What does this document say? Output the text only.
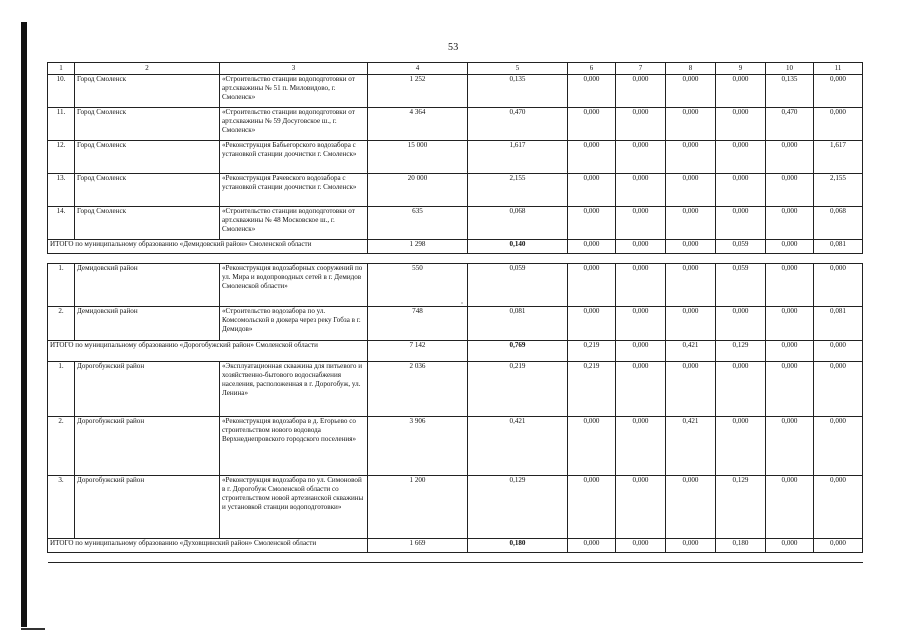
53
1	2	3	4	5	6	7	8	9	10	11
10.	Город Смоленск	«Строительство станции водоподготовки от арт.скважины № 51 п. Миловидово, г. Смоленск»	1 252	0,135	0,000	0,000	0,000	0,000	0,135	0,000
11.	Город Смоленск	«Строительство станции водоподготовки от арт.скважины № 59 Досуговское ш., г. Смоленск»	4 364	0,470	0,000	0,000	0,000	0,000	0,470	0,000
12.	Город Смоленск	«Реконструкция Бабьегорского водозабора с установкой станции доочистки г. Смоленск»	15 000	1,617	0,000	0,000	0,000	0,000	0,000	1,617
13.	Город Смоленск	«Реконструкция Рачевского водозабора с установкой станции доочистки г. Смоленск»	20 000	2,155	0,000	0,000	0,000	0,000	0,000	2,155
14.	Город Смоленск	«Строительство станции водоподготовки от арт.скважины № 48 Московское ш., г. Смоленск»	635	0,068	0,000	0,000	0,000	0,000	0,000	0,068
ИТОГО по муниципальному образованию «Демидовский район» Смоленской области			1 298	0,140	0,000	0,000	0,000	0,059	0,000	0,081

1.	Демидовский район	«Реконструкция водозаборных сооружений по ул. Мира и водопроводных сетей в г. Демидов Смоленской области»	550	0,059	0,000	0,000	0,000	0,059	0,000	0,000
2.	Демидовский район	«Строительство водозабора по ул. Комсомольской в дюкера через реку Гобза в г. Демидов»	748	0,081	0,000	0,000	0,000	0,000	0,000	0,081
ИТОГО по муниципальному образованию «Дорогобужский район» Смоленской области			7 142	0,769	0,219	0,000	0,421	0,129	0,000	0,000
1.	Дорогобужский район	«Эксплуатационная скважина для питьевого и хозяйственно-бытового водоснабжения населения, расположенная в г. Дорогобуж, ул. Ленина»	2 036	0,219	0,219	0,000	0,000	0,000	0,000	0,000
2.	Дорогобужский район	«Реконструкция водозабора в д. Егорьево со строительством нового водовода Верхнеднепровского городского поселения»	3 906	0,421	0,000	0,000	0,421	0,000	0,000	0,000
3.	Дорогобужский район	«Реконструкция водозабора по ул. Симоновой в г. Дорогобуж Смоленской области со строительством новой артезианской скважины и установкой станции водоподготовки»	1 200	0,129	0,000	0,000	0,000	0,129	0,000	0,000
ИТОГО по муниципальному образованию «Духовщинский район» Смоленской области			1 669	0,180	0,000	0,000	0,000	0,180	0,000	0,000
